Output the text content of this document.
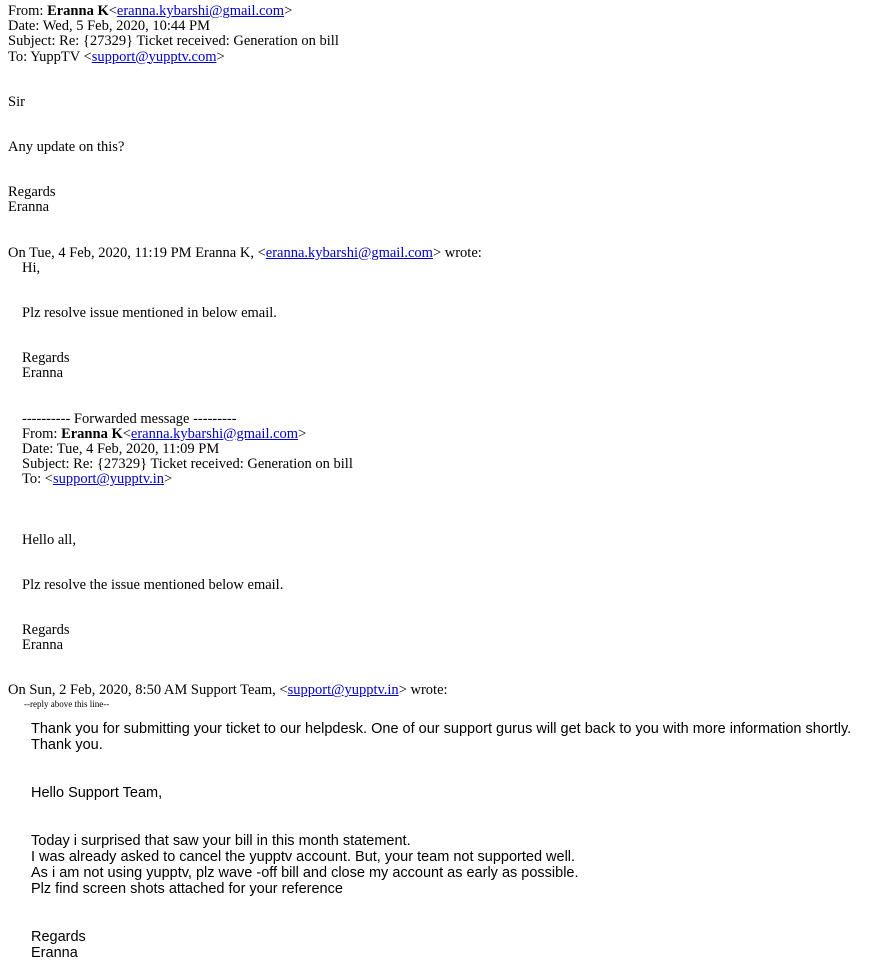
From: Eranna K<eranna.kybarshi@gmail.com>
Date: Wed, 5 Feb, 2020, 10:44 PM
Subject: Re: {27329} Ticket received: Generation on bill
To: YuppTV <support@yupptv.com>
Sir
Any update on this?
Regards
Eranna
On Tue, 4 Feb, 2020, 11:19 PM Eranna K, <eranna.kybarshi@gmail.com> wrote:
Hi,
Plz resolve issue mentioned in below email.
Regards
Eranna
---------- Forwarded message ---------
From: Eranna K<eranna.kybarshi@gmail.com>
Date: Tue, 4 Feb, 2020, 11:09 PM
Subject: Re: {27329} Ticket received: Generation on bill
To: <support@yupptv.in>
Hello all,
Plz resolve the issue mentioned below email.
Regards
Eranna
On Sun, 2 Feb, 2020, 8:50 AM Support Team, <support@yupptv.in> wrote:
--reply above this line--
Thank you for submitting your ticket to our helpdesk. One of our support gurus will get back to you with more information shortly. Thank you.
Hello Support Team,
Today i surprised that saw your bill in this month statement.
I was already asked to cancel the yupptv account. But, your team not supported well.
As i am not using yupptv, plz wave -off bill and close my account as early as possible.
Plz find screen shots attached for your reference
Regards
Eranna
